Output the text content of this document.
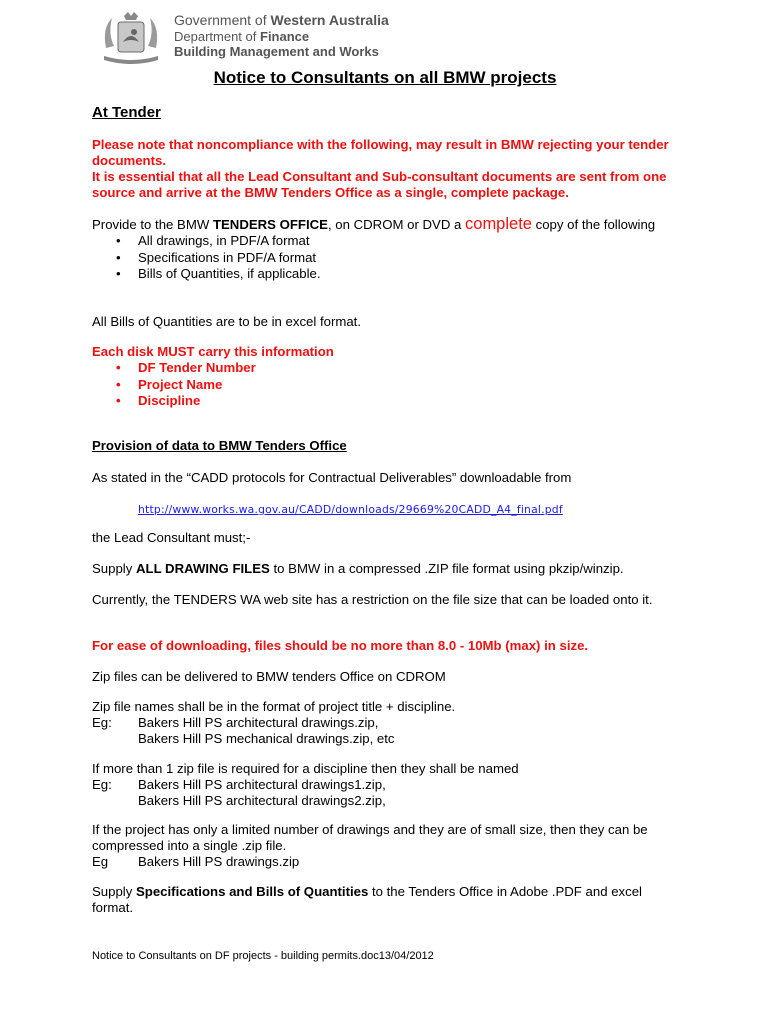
Government of Western Australia
Department of Finance
Building Management and Works
Notice to Consultants on all BMW projects
At Tender
Please note that noncompliance with the following, may result in BMW rejecting your tender documents.
It is essential that all the Lead Consultant and Sub-consultant documents are sent from one source and arrive at the BMW Tenders Office as a single, complete package.
Provide to the BMW TENDERS OFFICE, on CDROM or DVD a complete copy of the following
• All drawings, in PDF/A format
• Specifications in PDF/A format
• Bills of Quantities, if applicable.
All Bills of Quantities are to be in excel format.
Each disk MUST carry this information
• DF Tender Number
• Project Name
• Discipline
Provision of data to BMW Tenders Office
As stated in the “CADD protocols for Contractual Deliverables” downloadable from
http://www.works.wa.gov.au/CADD/downloads/29669%20CADD_A4_final.pdf
the Lead Consultant must;-
Supply ALL DRAWING FILES to BMW in a compressed .ZIP file format using pkzip/winzip.
Currently, the TENDERS WA web site has a restriction on the file size that can be loaded onto it.
For ease of downloading, files should be no more than 8.0 - 10Mb (max) in size.
Zip files can be delivered to BMW tenders Office on CDROM
Zip file names shall be in the format of project title + discipline.
Eg:	Bakers Hill PS architectural drawings.zip,
Bakers Hill PS mechanical drawings.zip, etc
If more than 1 zip file is required for a discipline then they shall be named
Eg:	Bakers Hill PS architectural drawings1.zip,
Bakers Hill PS architectural drawings2.zip,
If the project has only a limited number of drawings and they are of small size, then they can be compressed into a single .zip file.
Eg	Bakers Hill PS drawings.zip
Supply Specifications and Bills of Quantities to the Tenders Office in Adobe .PDF and excel format.
Notice to Consultants on DF projects - building permits.doc13/04/2012
